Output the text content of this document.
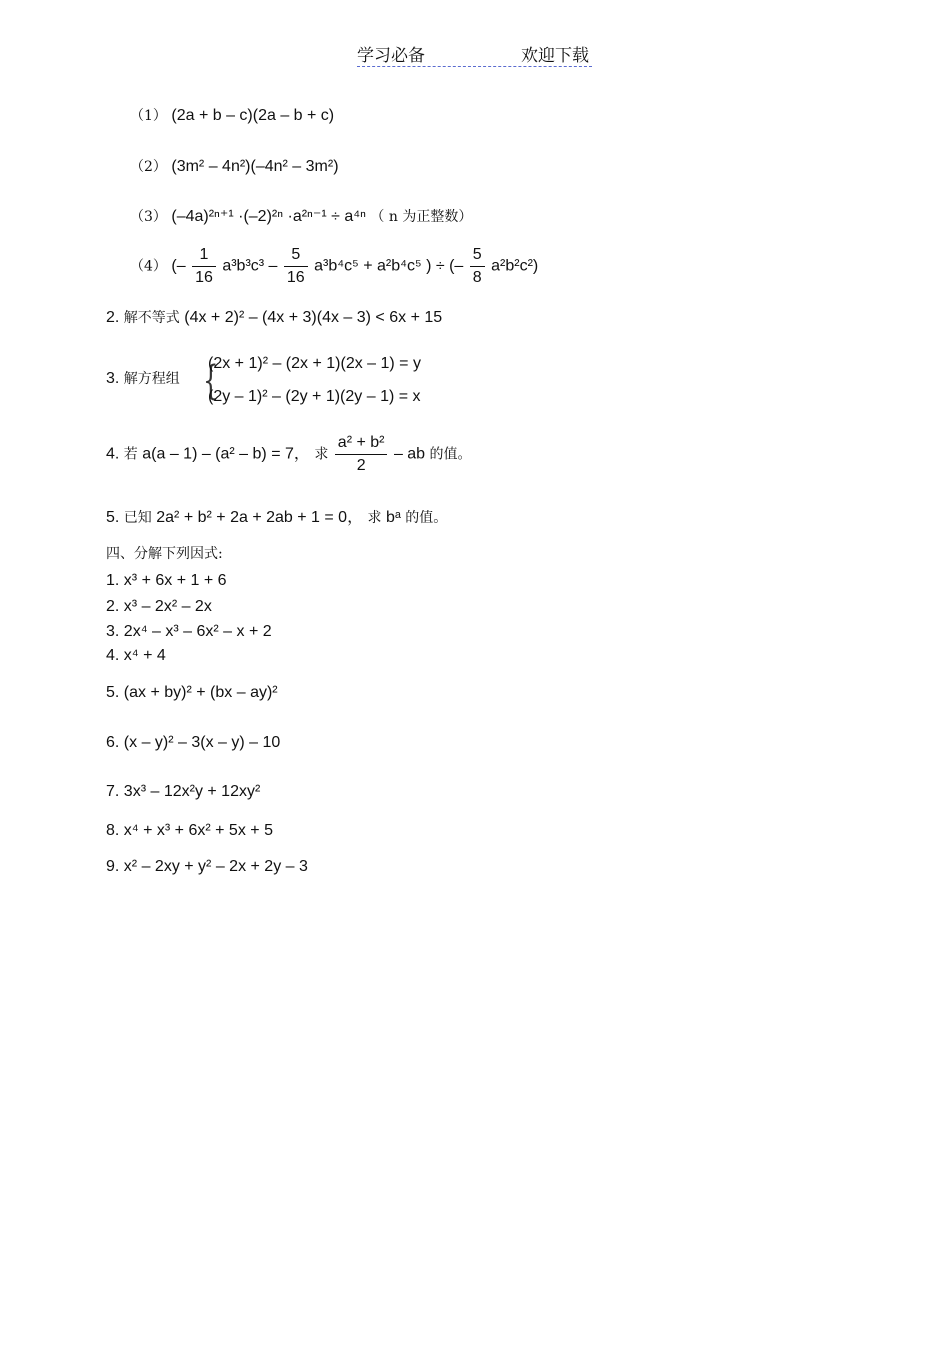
学习必备	欢迎下载
（1） (2a + b – c)(2a – b + c)
（2） (3m² – 4n²)(–4n² – 3m²)
（3） (–4a)²ⁿ⁺¹ ·(–2)²ⁿ ·a²ⁿ⁻¹ ÷ a⁴ⁿ （ n 为正整数）
（4） (– $\frac{1}{16} a^3b^3c^3 - \frac{5}{16} a^3b^4c^5 + a^2b^4c^5$ ) ÷ (– $\frac{5}{8} a^2b^2c^2$)
2. 解不等式 (4x + 2)² – (4x + 3)(4x – 3) < 6x + 15
3. 解方程组 {
(2x + 1)² – (2x + 1)(2x – 1) = y
(2y – 1)² – (2y + 1)(2y – 1) = x
4. 若 a(a – 1) – (a² – b) = 7， 求 $\frac{\text{a² + b²}}{2}$ – ab 的值。
5. 已知 2a² + b² + 2a + 2ab + 1 = 0， 求 bᵃ 的值。
四、分解下列因式:
1. x³ + 6x + 1 + 6
2. x³ – 2x² – 2x
3. 2x⁴ – x³ – 6x² – x + 2
4. x⁴ + 4
5. (ax + by)² + (bx – ay)²
6. (x – y)² – 3(x – y) – 10
7. 3x³ – 12x²y + 12xy²
8. x⁴ + x³ + 6x² + 5x + 5
9. x² – 2xy + y² – 2x + 2y – 3
